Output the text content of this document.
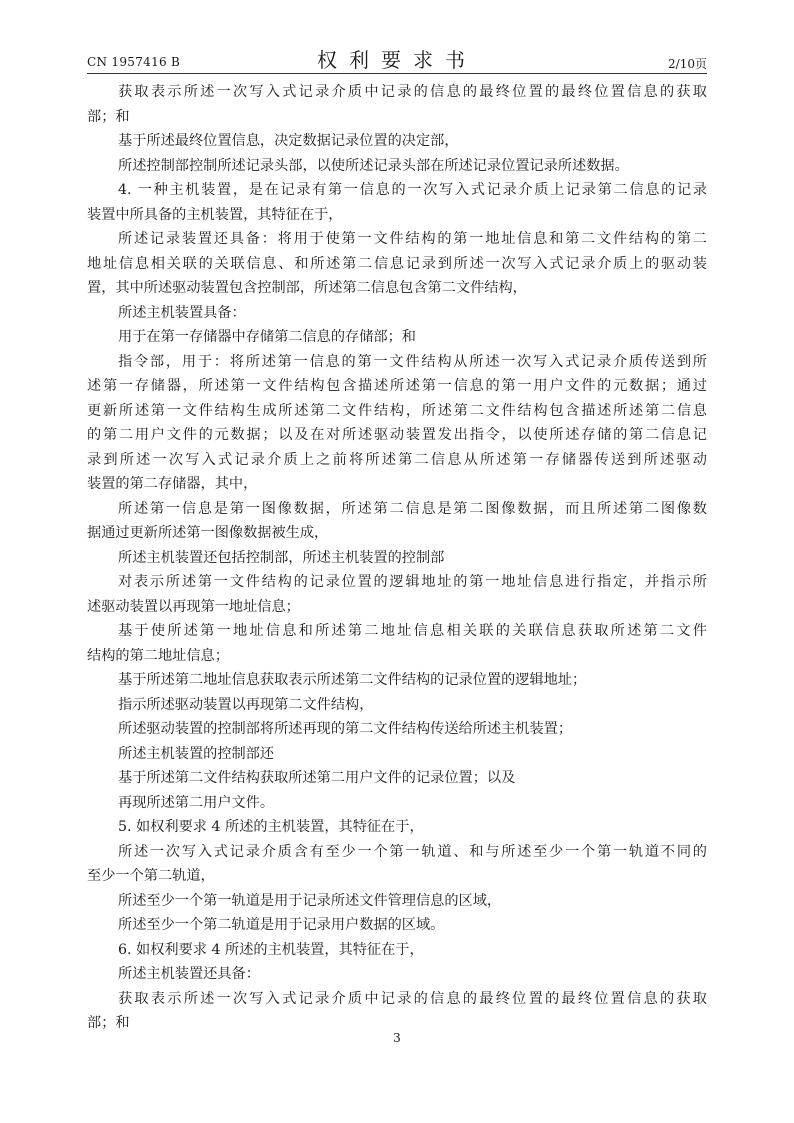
CN 1957416 B	权利要求书	2/10页
获取表示所述一次写入式记录介质中记录的信息的最终位置的最终位置信息的获取
部；和
基于所述最终位置信息，决定数据记录位置的决定部，
所述控制部控制所述记录头部，以使所述记录头部在所述记录位置记录所述数据。
4. 一种主机装置，是在记录有第一信息的一次写入式记录介质上记录第二信息的记录
装置中所具备的主机装置，其特征在于，
所述记录装置还具备：将用于使第一文件结构的第一地址信息和第二文件结构的第二
地址信息相关联的关联信息、和所述第二信息记录到所述一次写入式记录介质上的驱动装
置，其中所述驱动装置包含控制部，所述第二信息包含第二文件结构，
所述主机装置具备：
用于在第一存储器中存储第二信息的存储部；和
指令部，用于：将所述第一信息的第一文件结构从所述一次写入式记录介质传送到所
述第一存储器，所述第一文件结构包含描述所述第一信息的第一用户文件的元数据；通过
更新所述第一文件结构生成所述第二文件结构，所述第二文件结构包含描述所述第二信息
的第二用户文件的元数据；以及在对所述驱动装置发出指令，以使所述存储的第二信息记
录到所述一次写入式记录介质上之前将所述第二信息从所述第一存储器传送到所述驱动
装置的第二存储器，其中，
所述第一信息是第一图像数据，所述第二信息是第二图像数据，而且所述第二图像数
据通过更新所述第一图像数据被生成，
所述主机装置还包括控制部，所述主机装置的控制部
对表示所述第一文件结构的记录位置的逻辑地址的第一地址信息进行指定，并指示所
述驱动装置以再现第一地址信息；
基于使所述第一地址信息和所述第二地址信息相关联的关联信息获取所述第二文件
结构的第二地址信息；
基于所述第二地址信息获取表示所述第二文件结构的记录位置的逻辑地址；
指示所述驱动装置以再现第二文件结构，
所述驱动装置的控制部将所述再现的第二文件结构传送给所述主机装置；
所述主机装置的控制部还
基于所述第二文件结构获取所述第二用户文件的记录位置；以及
再现所述第二用户文件。
5. 如权利要求 4 所述的主机装置，其特征在于，
所述一次写入式记录介质含有至少一个第一轨道、和与所述至少一个第一轨道不同的
至少一个第二轨道，
所述至少一个第一轨道是用于记录所述文件管理信息的区域，
所述至少一个第二轨道是用于记录用户数据的区域。
6. 如权利要求 4 所述的主机装置，其特征在于，
所述主机装置还具备：
获取表示所述一次写入式记录介质中记录的信息的最终位置的最终位置信息的获取
部；和
3
